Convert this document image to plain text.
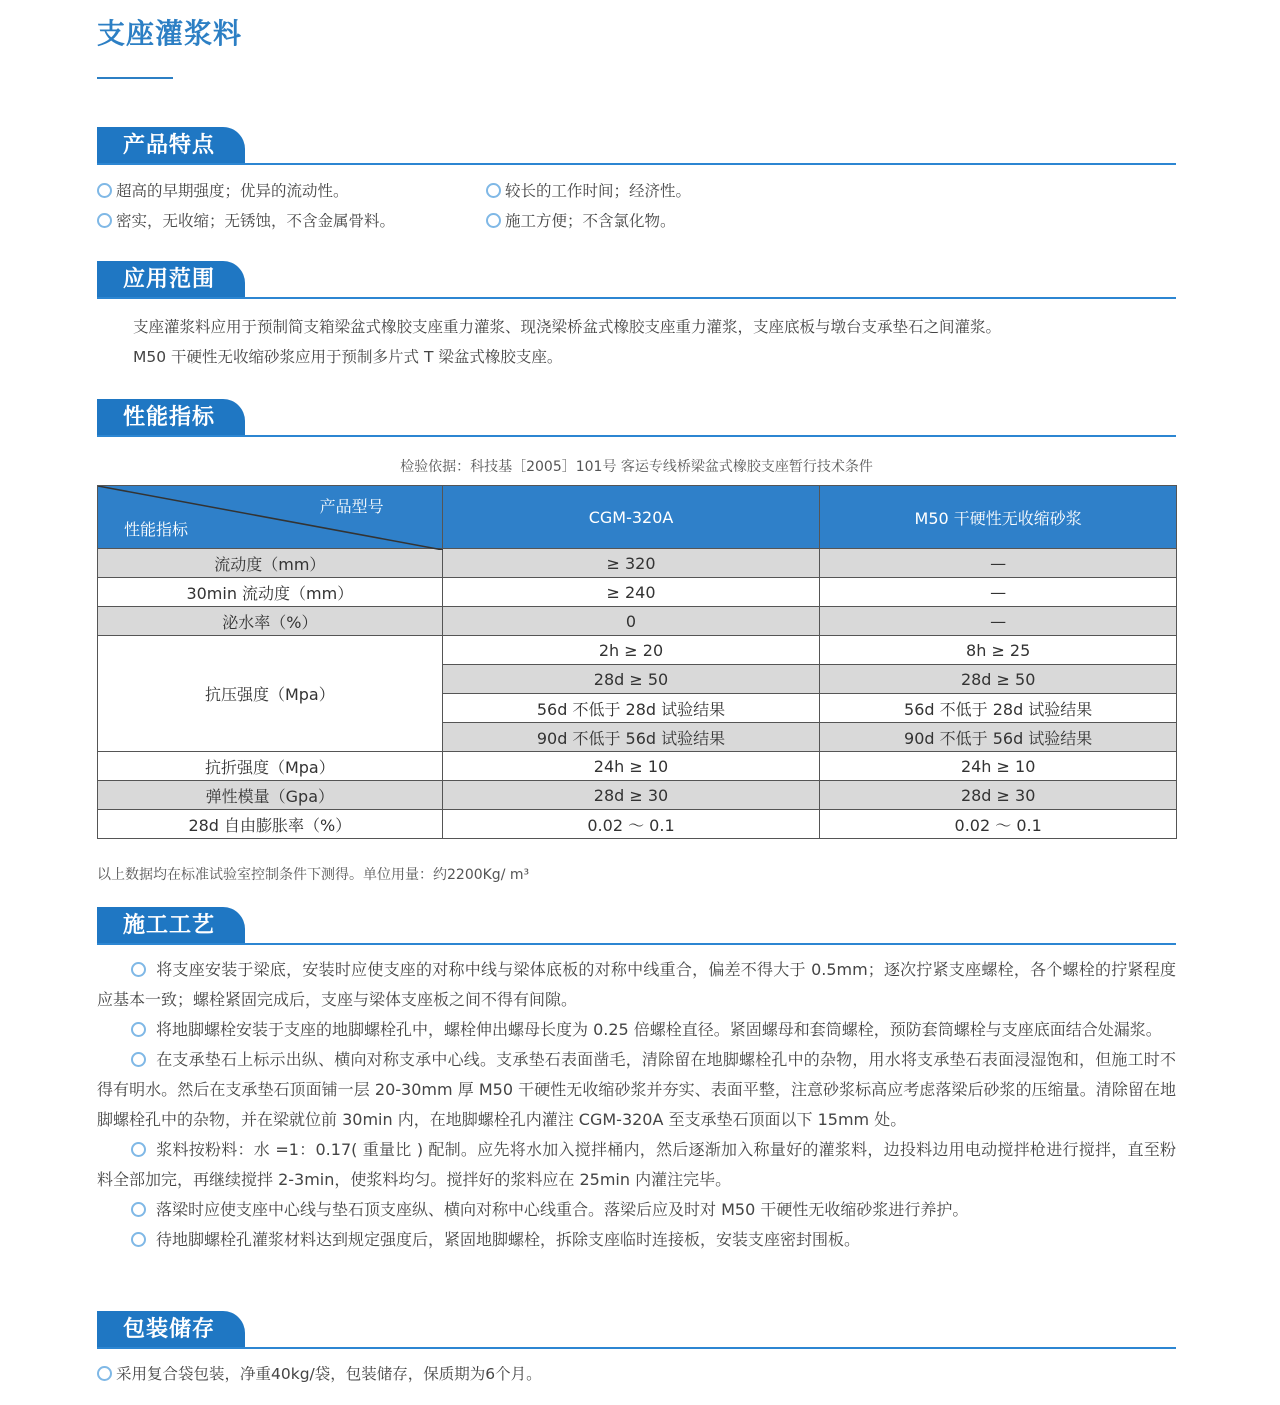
支座灌浆料
产品特点
超高的早期强度；优异的流动性。	较长的工作时间；经济性。
密实，无收缩；无锈蚀，不含金属骨料。	施工方便；不含氯化物。
应用范围
支座灌浆料应用于预制简支箱梁盆式橡胶支座重力灌浆、现浇梁桥盆式橡胶支座重力灌浆，支座底板与墩台支承垫石之间灌浆。
M50 干硬性无收缩砂浆应用于预制多片式 T 梁盆式橡胶支座。
性能指标
检验依据：科技基［2005］101号 客运专线桥梁盆式橡胶支座暂行技术条件
产品型号
性能指标	CGM-320A	M50 干硬性无收缩砂浆
流动度（mm）	≥ 320	—
30min 流动度（mm）	≥ 240	—
泌水率（%）	0	—
抗压强度（Mpa）	2h ≥ 20	8h ≥ 25
	28d ≥ 50	28d ≥ 50
	56d 不低于 28d 试验结果	56d 不低于 28d 试验结果
	90d 不低于 56d 试验结果	90d 不低于 56d 试验结果
抗折强度（Mpa）	24h ≥ 10	24h ≥ 10
弹性模量（Gpa）	28d ≥ 30	28d ≥ 30
28d 自由膨胀率（%）	0.02 ～ 0.1	0.02 ～ 0.1
以上数据均在标准试验室控制条件下测得。单位用量：约2200Kg/ m³
施工工艺

将支座安装于梁底，安装时应使支座的对称中线与梁体底板的对称中线重合，偏差不得大于 0.5mm；逐次拧紧支座螺栓，各个螺栓的拧紧程度应基本一致；螺栓紧固完成后，支座与梁体支座板之间不得有间隙。

将地脚螺栓安装于支座的地脚螺栓孔中，螺栓伸出螺母长度为 0.25 倍螺栓直径。紧固螺母和套筒螺栓，预防套筒螺栓与支座底面结合处漏浆。

在支承垫石上标示出纵、横向对称支承中心线。支承垫石表面凿毛，清除留在地脚螺栓孔中的杂物，用水将支承垫石表面浸湿饱和，但施工时不得有明水。然后在支承垫石顶面铺一层 20-30mm 厚 M50 干硬性无收缩砂浆并夯实、表面平整，注意砂浆标高应考虑落梁后砂浆的压缩量。清除留在地脚螺栓孔中的杂物，并在梁就位前 30min 内，在地脚螺栓孔内灌注 CGM-320A 至支承垫石顶面以下 15mm 处。

浆料按粉料：水 =1：0.17( 重量比 ) 配制。应先将水加入搅拌桶内，然后逐渐加入称量好的灌浆料，边投料边用电动搅拌枪进行搅拌，直至粉料全部加完，再继续搅拌 2-3min，使浆料均匀。搅拌好的浆料应在 25min 内灌注完毕。

落梁时应使支座中心线与垫石顶支座纵、横向对称中心线重合。落梁后应及时对 M50 干硬性无收缩砂浆进行养护。

待地脚螺栓孔灌浆材料达到规定强度后，紧固地脚螺栓，拆除支座临时连接板，安装支座密封围板。

包装储存
采用复合袋包装，净重40kg/袋，包装储存，保质期为6个月。
